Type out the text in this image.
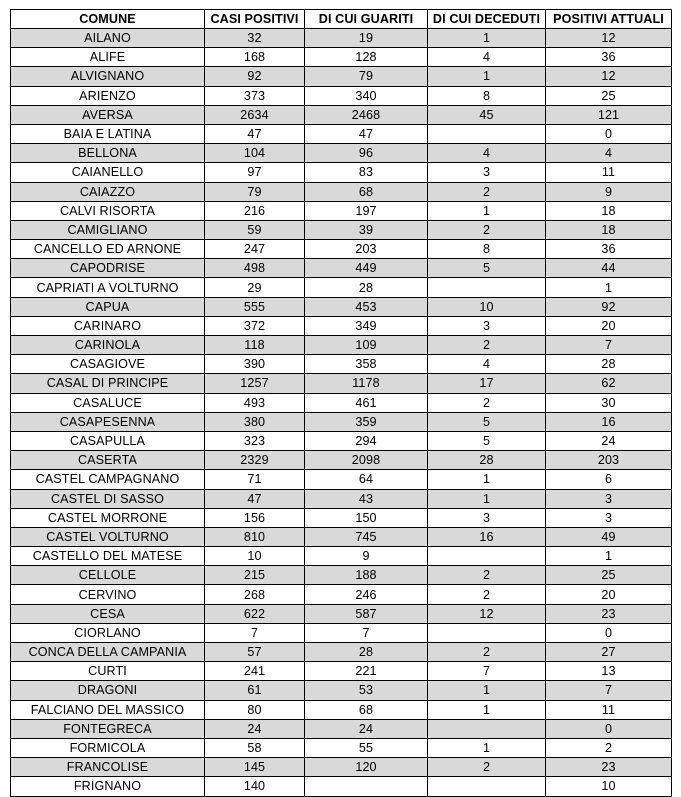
COMUNE	CASI POSITIVI	DI CUI GUARITI	DI CUI DECEDUTI	POSITIVI ATTUALI
AILANO	32	19	1	12
ALIFE	168	128	4	36
ALVIGNANO	92	79	1	12
ARIENZO	373	340	8	25
AVERSA	2634	2468	45	121
BAIA E LATINA	47	47		0
BELLONA	104	96	4	4
CAIANELLO	97	83	3	11
CAIAZZO	79	68	2	9
CALVI RISORTA	216	197	1	18
CAMIGLIANO	59	39	2	18
CANCELLO ED ARNONE	247	203	8	36
CAPODRISE	498	449	5	44
CAPRIATI A VOLTURNO	29	28		1
CAPUA	555	453	10	92
CARINARO	372	349	3	20
CARINOLA	118	109	2	7
CASAGIOVE	390	358	4	28
CASAL DI PRINCIPE	1257	1178	17	62
CASALUCE	493	461	2	30
CASAPESENNA	380	359	5	16
CASAPULLA	323	294	5	24
CASERTA	2329	2098	28	203
CASTEL CAMPAGNANO	71	64	1	6
CASTEL DI SASSO	47	43	1	3
CASTEL MORRONE	156	150	3	3
CASTEL VOLTURNO	810	745	16	49
CASTELLO DEL MATESE	10	9		1
CELLOLE	215	188	2	25
CERVINO	268	246	2	20
CESA	622	587	12	23
CIORLANO	7	7		0
CONCA DELLA CAMPANIA	57	28	2	27
CURTI	241	221	7	13
DRAGONI	61	53	1	7
FALCIANO DEL MASSICO	80	68	1	11
FONTEGRECA	24	24		0
FORMICOLA	58	55	1	2
FRANCOLISE	145	120	2	23
FRIGNANO	140			10
